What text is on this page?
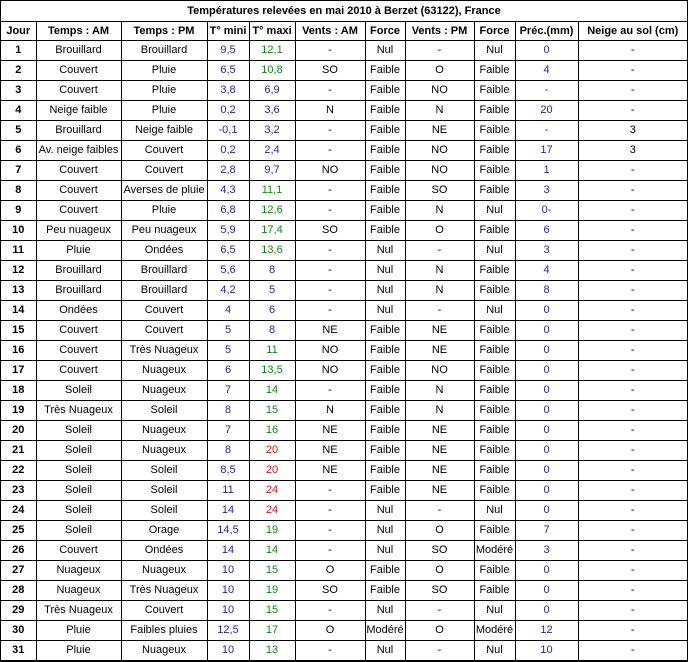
Températures relevées en mai 2010 à Berzet (63122), France
Jour	Temps : AM	Temps : PM	T° mini	T° maxi	Vents : AM	Force	Vents : PM	Force	Préc.(mm)	Neige au sol (cm)
1	Brouillard	Brouillard	9,5	12,1	-	Nul	-	Nul	0	-
2	Couvert	Pluie	6,5	10,8	SO	Faible	O	Faible	4	-
3	Couvert	Pluie	3,8	6,9	-	Faible	NO	Faible	-	-
4	Neige faible	Pluie	0,2	3,6	N	Faible	N	Faible	20	-
5	Brouillard	Neige faible	-0,1	3,2	-	Faible	NE	Faible	-	3
6	Av. neige faibles	Couvert	0,2	2,4	-	Faible	NO	Faible	17	3
7	Couvert	Couvert	2,8	9,7	NO	Faible	NO	Faible	1	-
8	Couvert	Averses de pluie	4,3	11,1	-	Faible	SO	Faible	3	-
9	Couvert	Pluie	6,8	12,6	-	Faible	N	Nul	0-	-
10	Peu nuageux	Peu nuageux	5,9	17,4	SO	Faible	O	Faible	6	-
11	Pluie	Ondées	6,5	13,6	-	Nul	-	Nul	3	-
12	Brouillard	Brouillard	5,6	8	-	Nul	N	Faible	4	-
13	Brouillard	Brouillard	4,2	5	-	Nul	N	Faible	8	-
14	Ondées	Couvert	4	6	-	Nul	-	Nul	0	-
15	Couvert	Couvert	5	8	NE	Faible	NE	Faible	0	-
16	Couvert	Très Nuageux	5	11	NO	Faible	NE	Faible	0	-
17	Couvert	Nuageux	6	13,5	NO	Faible	NO	Faible	0	-
18	Soleil	Nuageux	7	14	-	Faible	N	Faible	0	-
19	Très Nuageux	Soleil	8	15	N	Faible	N	Faible	0	-
20	Soleil	Nuageux	7	16	NE	Faible	NE	Faible	0	-
21	Soleil	Nuageux	8	20	NE	Faible	NE	Faible	0	-
22	Soleil	Soleil	8,5	20	NE	Faible	NE	Faible	0	-
23	Soleil	Soleil	11	24	-	Faible	NE	Faible	0	-
24	Soleil	Soleil	14	24	-	Nul	-	Nul	0	-
25	Soleil	Orage	14,5	19	-	Nul	O	Faible	7	-
26	Couvert	Ondées	14	14	-	Nul	SO	Modéré	3	-
27	Nuageux	Nuageux	10	15	O	Faible	O	Faible	0	-
28	Nuageux	Très Nuageux	10	19	SO	Faible	SO	Faible	0	-
29	Très Nuageux	Couvert	10	15	-	Nul	-	Nul	0	-
30	Pluie	Faibles pluies	12,5	17	O	Modéré	O	Modéré	12	-
31	Pluie	Nuageux	10	13	-	Nul	-	Nul	10	-
